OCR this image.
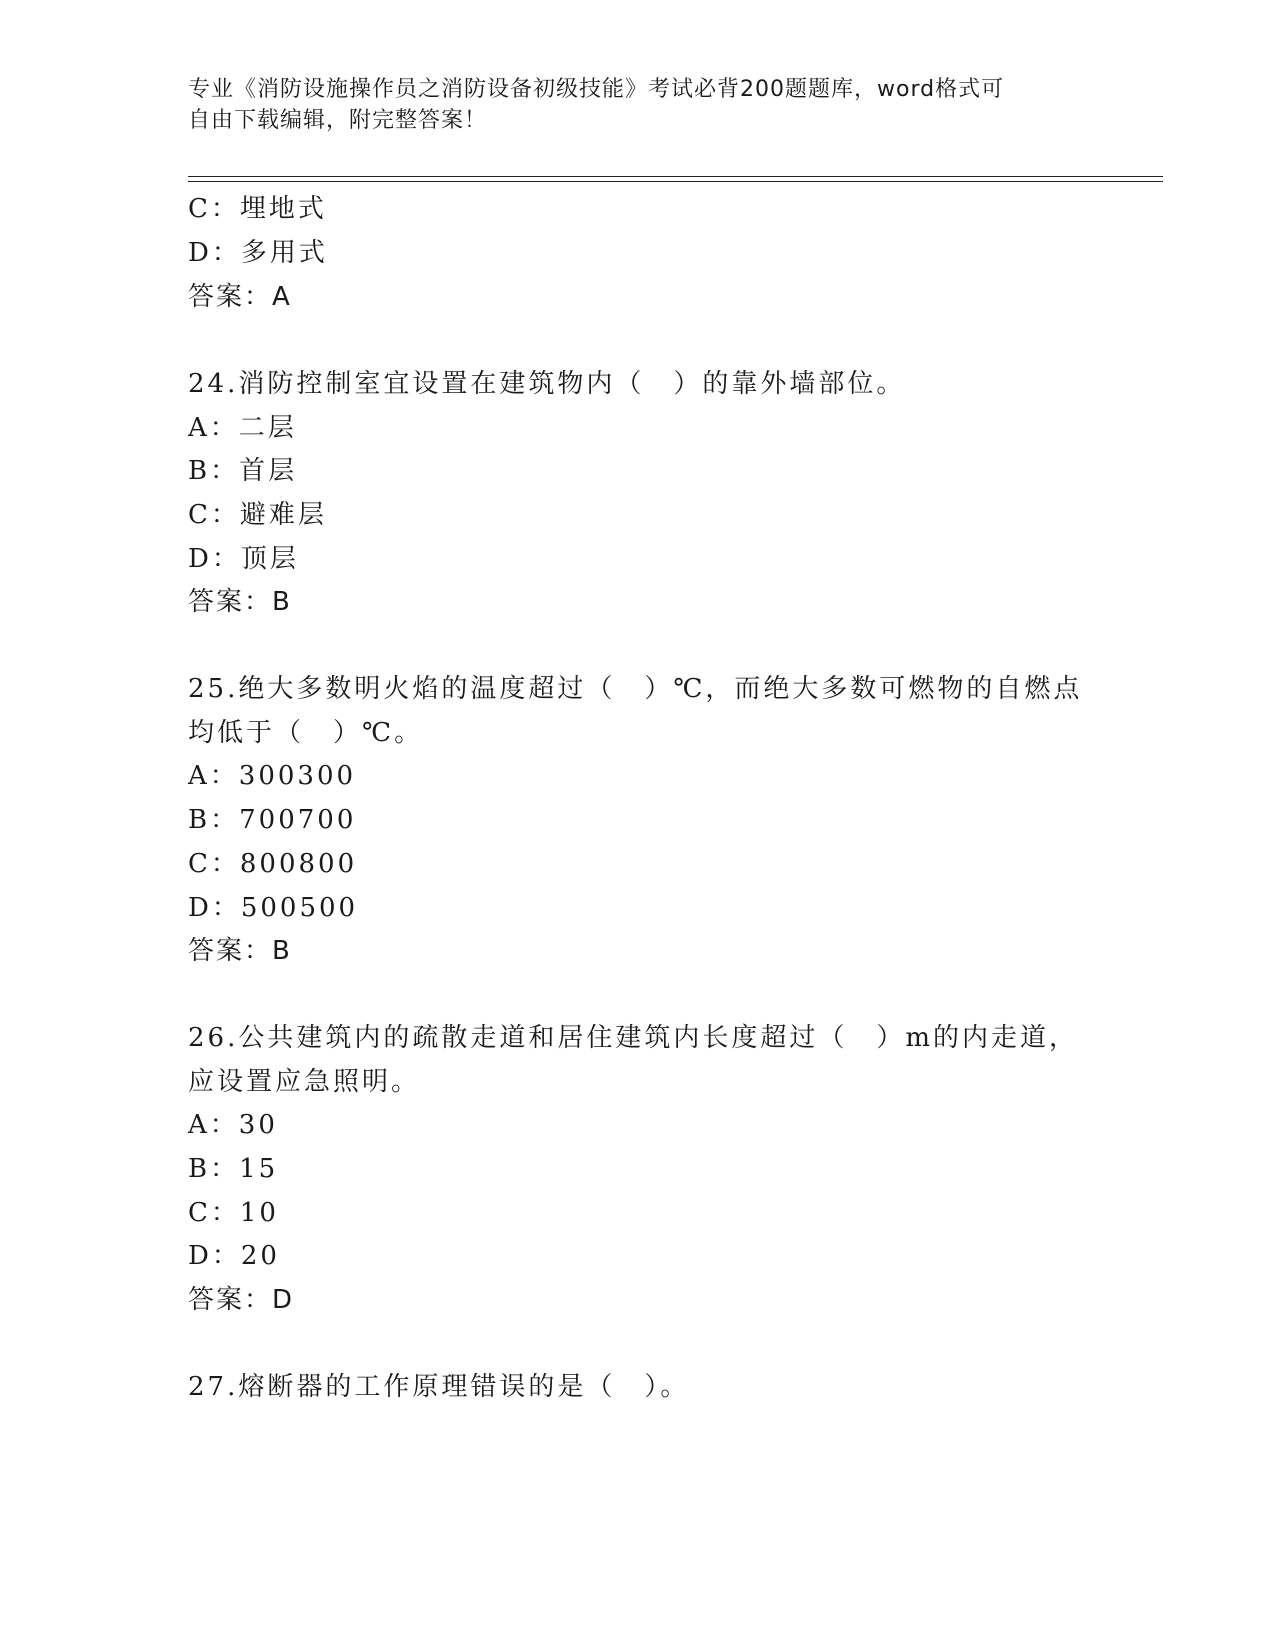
专业《消防设施操作员之消防设备初级技能》考试必背200题题库，word格式可
自由下载编辑，附完整答案！
C：埋地式
D：多用式
答案：A
24.消防控制室宜设置在建筑物内（　）的靠外墙部位。
A：二层
B：首层
C：避难层
D：顶层
答案：B
25.绝大多数明火焰的温度超过（　）℃，而绝大多数可燃物的自燃点
均低于（　）℃。
A：300300
B：700700
C：800800
D：500500
答案：B
26.公共建筑内的疏散走道和居住建筑内长度超过（　）m的内走道，
应设置应急照明。
A：30
B：15
C：10
D：20
答案：D
27.熔断器的工作原理错误的是（　）。
